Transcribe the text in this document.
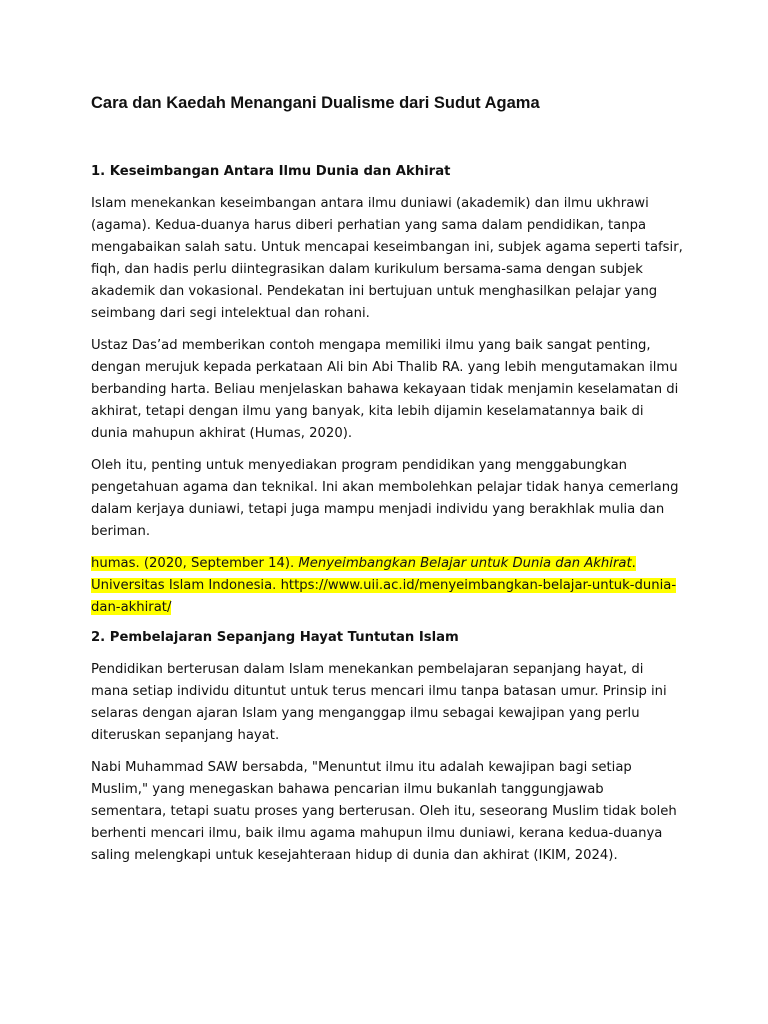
Cara dan Kaedah Menangani Dualisme dari Sudut Agama
1. Keseimbangan Antara Ilmu Dunia dan Akhirat

Islam menekankan keseimbangan antara ilmu duniawi (akademik) dan ilmu ukhrawi (agama). Kedua-duanya harus diberi perhatian yang sama dalam pendidikan, tanpa mengabaikan salah satu. Untuk mencapai keseimbangan ini, subjek agama seperti tafsir, fiqh, dan hadis perlu diintegrasikan dalam kurikulum bersama-sama dengan subjek akademik dan vokasional. Pendekatan ini bertujuan untuk menghasilkan pelajar yang seimbang dari segi intelektual dan rohani.

Ustaz Das’ad memberikan contoh mengapa memiliki ilmu yang baik sangat penting, dengan merujuk kepada perkataan Ali bin Abi Thalib RA. yang lebih mengutamakan ilmu berbanding harta. Beliau menjelaskan bahawa kekayaan tidak menjamin keselamatan di akhirat, tetapi dengan ilmu yang banyak, kita lebih dijamin keselamatannya baik di dunia mahupun akhirat (Humas, 2020).

Oleh itu, penting untuk menyediakan program pendidikan yang menggabungkan pengetahuan agama dan teknikal. Ini akan membolehkan pelajar tidak hanya cemerlang dalam kerjaya duniawi, tetapi juga mampu menjadi individu yang berakhlak mulia dan beriman.

humas. (2020, September 14). Menyeimbangkan Belajar untuk Dunia dan Akhirat. Universitas Islam Indonesia. https://www.uii.ac.id/menyeimbangkan-belajar-untuk-dunia-dan-akhirat/

2. Pembelajaran Sepanjang Hayat Tuntutan Islam

Pendidikan berterusan dalam Islam menekankan pembelajaran sepanjang hayat, di mana setiap individu dituntut untuk terus mencari ilmu tanpa batasan umur. Prinsip ini selaras dengan ajaran Islam yang menganggap ilmu sebagai kewajipan yang perlu diteruskan sepanjang hayat.

Nabi Muhammad SAW bersabda, "Menuntut ilmu itu adalah kewajipan bagi setiap Muslim," yang menegaskan bahawa pencarian ilmu bukanlah tanggungjawab sementara, tetapi suatu proses yang berterusan. Oleh itu, seseorang Muslim tidak boleh berhenti mencari ilmu, baik ilmu agama mahupun ilmu duniawi, kerana kedua-duanya saling melengkapi untuk kesejahteraan hidup di dunia dan akhirat (IKIM, 2024).
